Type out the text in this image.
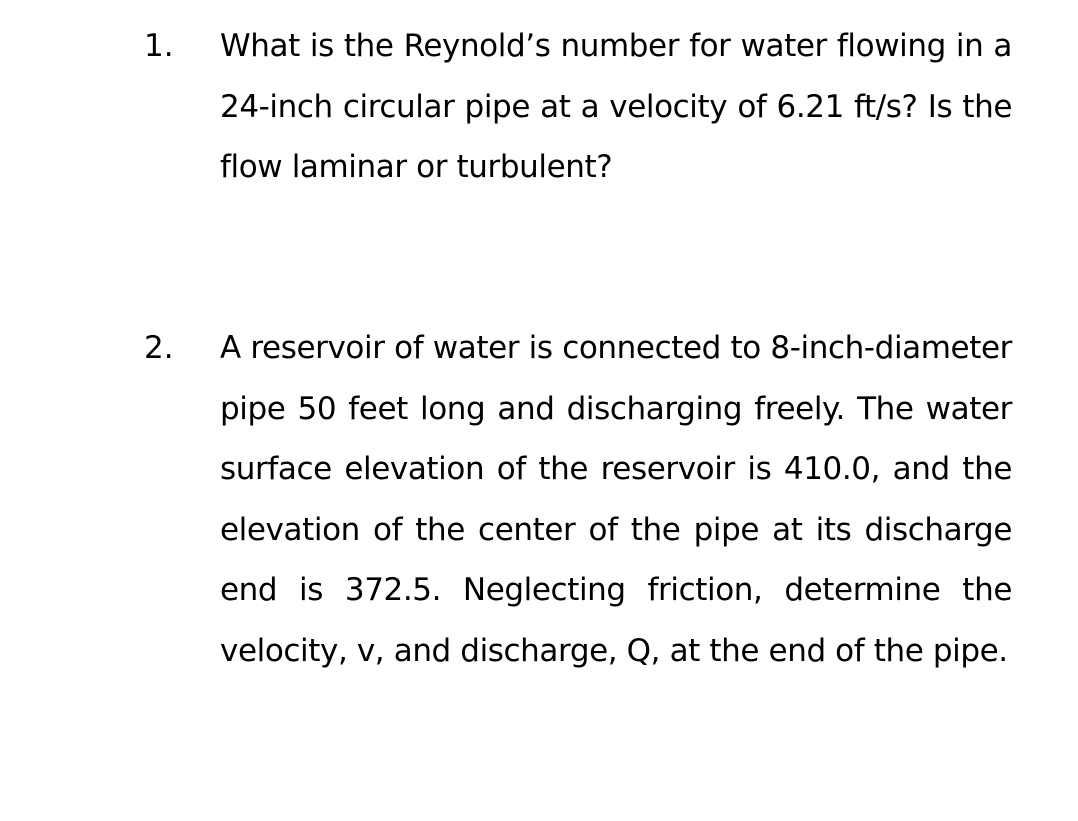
1. What is the Reynold’s number for water flowing in a 24-inch circular pipe at a velocity of 6.21 ft/s? Is the flow laminar or turbulent?

2. A reservoir of water is connected to 8-inch-diameter pipe 50 feet long and discharging freely. The water surface elevation of the reservoir is 410.0, and the elevation of the center of the pipe at its discharge end is 372.5. Neglecting friction, determine the velocity, v, and discharge, Q, at the end of the pipe.
